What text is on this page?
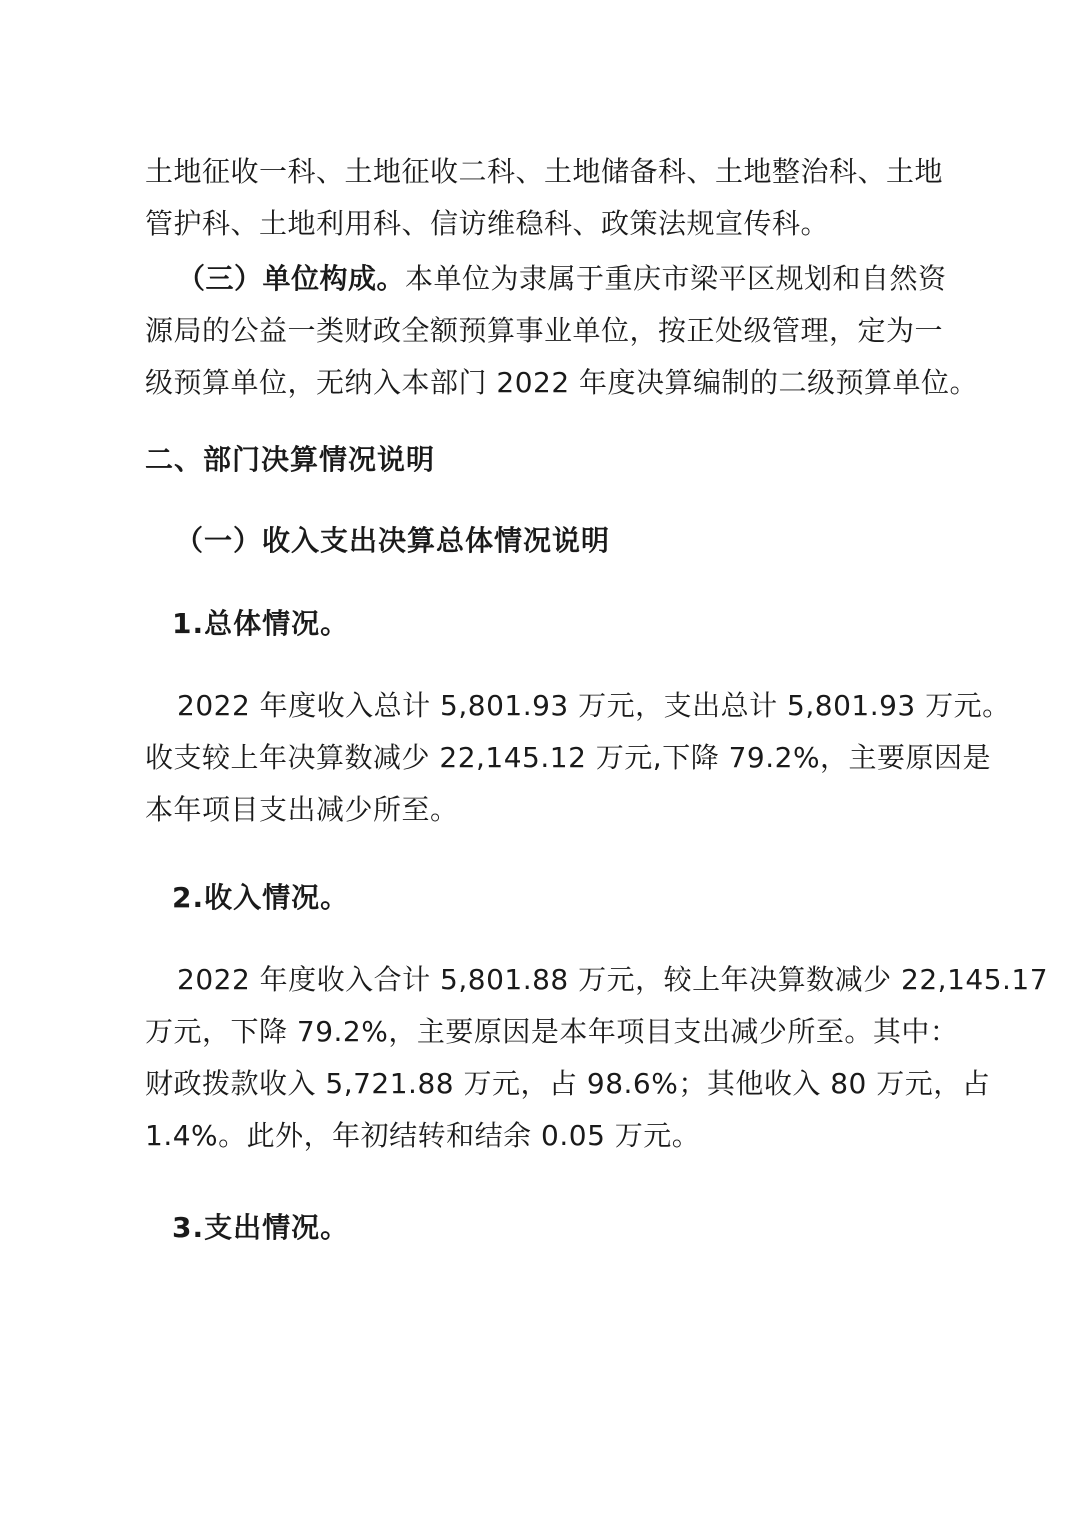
土地征收一科、土地征收二科、土地储备科、土地整治科、土地
管护科、土地利用科、信访维稳科、政策法规宣传科。
（三）单位构成。本单位为隶属于重庆市梁平区规划和自然资
源局的公益一类财政全额预算事业单位，按正处级管理，定为一
级预算单位，无纳入本部门 2022 年度决算编制的二级预算单位。
二、部门决算情况说明
（一）收入支出决算总体情况说明
1.总体情况。
2022 年度收入总计 5,801.93 万元，支出总计 5,801.93 万元。
收支较上年决算数减少 22,145.12 万元,下降 79.2%，主要原因是
本年项目支出减少所至。
2.收入情况。
2022 年度收入合计 5,801.88 万元，较上年决算数减少 22,145.17
万元，下降 79.2%，主要原因是本年项目支出减少所至。其中：
财政拨款收入 5,721.88 万元，占 98.6%；其他收入 80 万元，占
1.4%。此外，年初结转和结余 0.05 万元。
3.支出情况。
